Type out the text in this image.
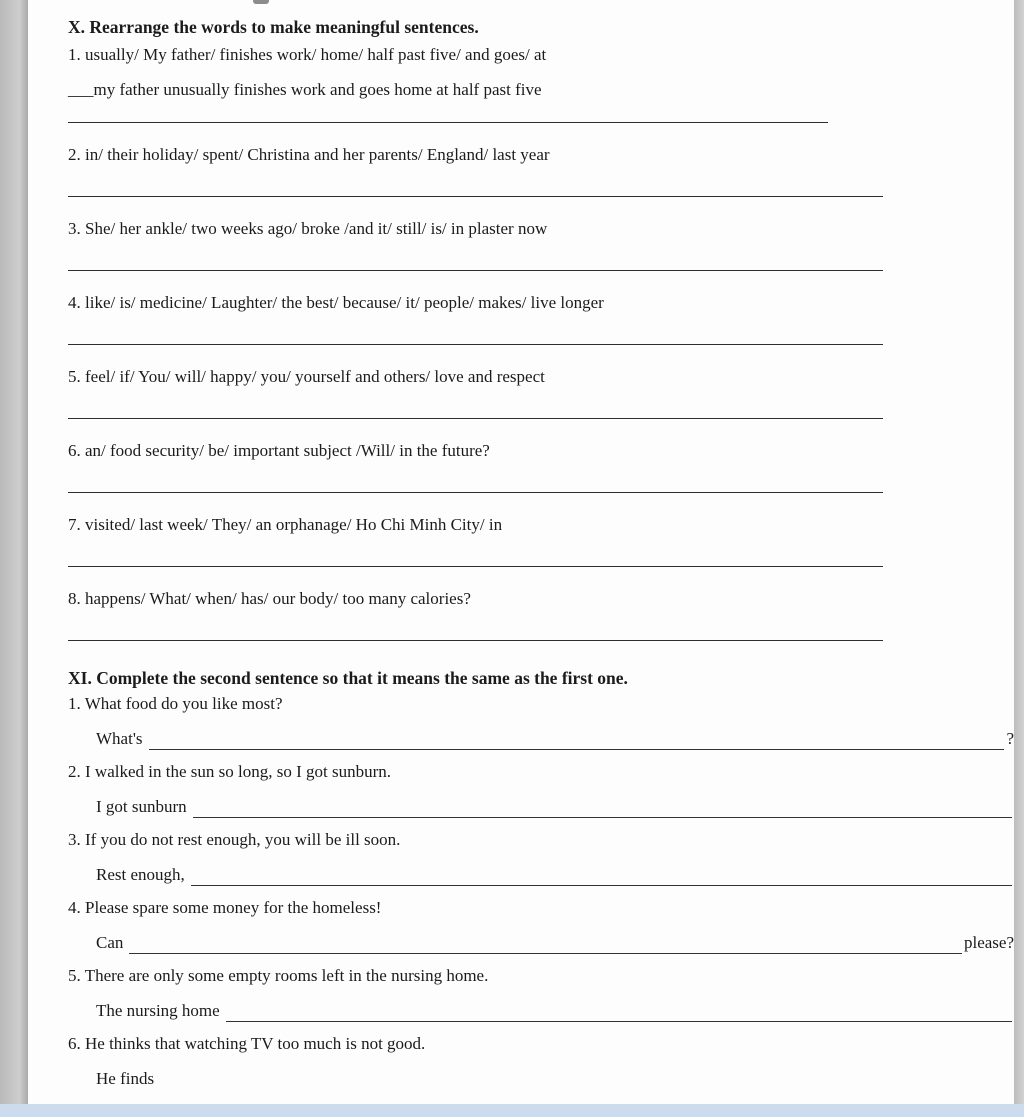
X. Rearrange the words to make meaningful sentences.

1. usually/ My father/ finishes work/ home/ half past five/ and goes/ at

___my father unusually finishes work and goes home at half past five

2. in/ their holiday/ spent/ Christina and her parents/ England/ last year

3. She/ her ankle/ two weeks ago/ broke /and it/ still/ is/ in plaster now

4. like/ is/ medicine/ Laughter/ the best/ because/ it/ people/ makes/ live longer

5. feel/ if/ You/ will/ happy/ you/ yourself and others/ love and respect

6. an/ food security/ be/ important subject /Will/ in the future?

7. visited/ last week/ They/ an orphanage/ Ho Chi Minh City/ in

8. happens/ What/ when/ has/ our body/ too many calories?

XI. Complete the second sentence so that it means the same as the first one.

1. What food do you like most?

What's	?

2. I walked in the sun so long, so I got sunburn.

I got sunburn

3. If you do not rest enough, you will be ill soon.

Rest enough,

4. Please spare some money for the homeless!

Can	please?

5. There are only some empty rooms left in the nursing home.

The nursing home

6. He thinks that watching TV too much is not good.

He finds
